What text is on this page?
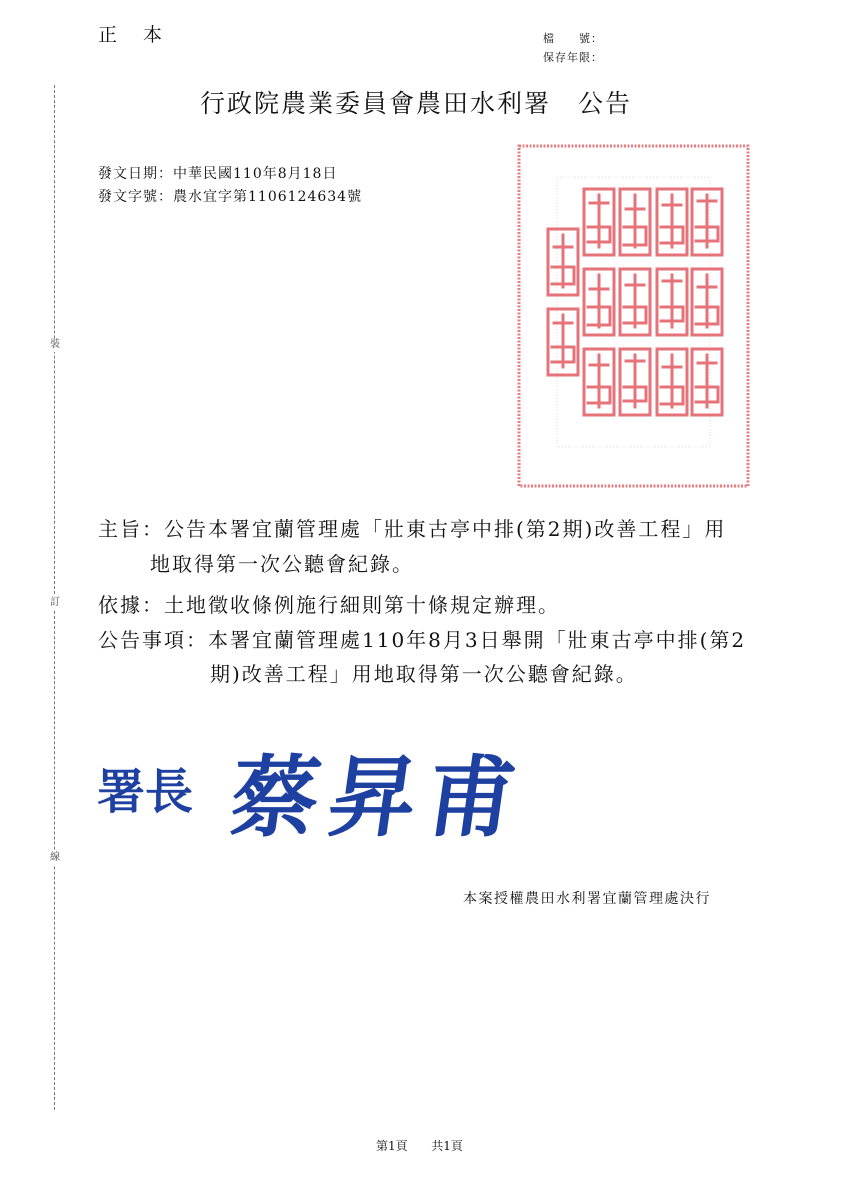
正本	檔　　號：
保存年限：
裝
訂
線
行政院農業委員會農田水利署　公告
發文日期：中華民國110年8月18日
發文字號：農水宜字第1106124634號
主旨：公告本署宜蘭管理處「壯東古亭中排(第2期)改善工程」用
地取得第一次公聽會紀錄。
依據：土地徵收條例施行細則第十條規定辦理。
公告事項：本署宜蘭管理處110年8月3日舉開「壯東古亭中排(第2
期)改善工程」用地取得第一次公聽會紀錄。
署長 蔡昇甫
本案授權農田水利署宜蘭管理處決行
第1頁 共1頁
